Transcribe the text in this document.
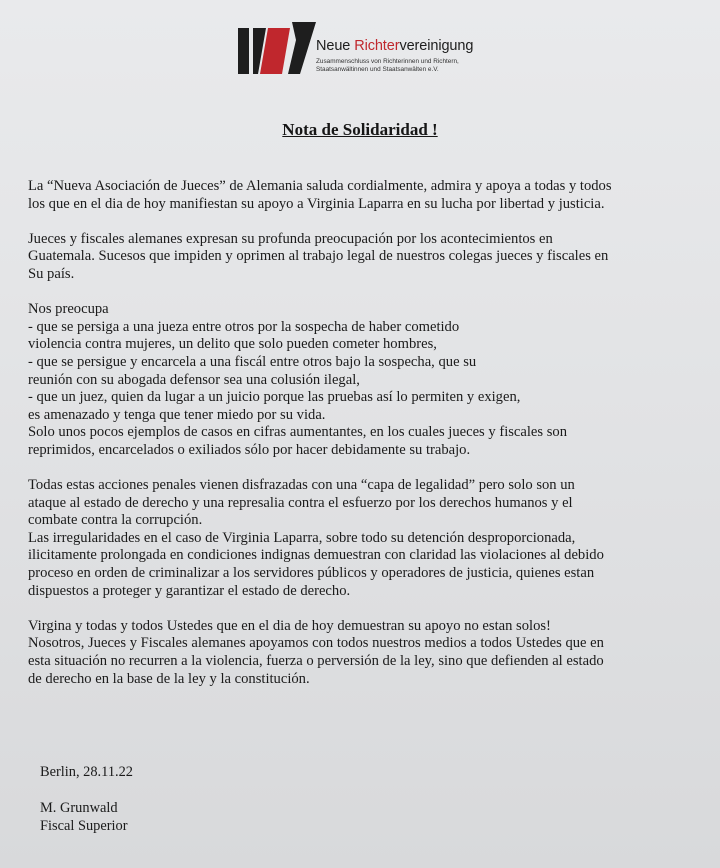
Neue Richtervereinigung
Zusammenschluss von Richterinnen und Richtern,
Staatsanwältinnen und Staatsanwälten e.V.
Nota de Solidaridad !

La “Nueva Asociación de Jueces” de Alemania saluda cordialmente, admira y apoya a todas y todos
los que en el dia de hoy manifiestan su apoyo a Virginia Laparra en su lucha por libertad y justicia.

Jueces y fiscales alemanes expresan su profunda preocupación por los acontecimientos en
Guatemala. Sucesos que impiden y oprimen al trabajo legal de nuestros colegas jueces y fiscales en
Su país.

Nos preocupa
- que se persiga a una jueza entre otros por la sospecha de haber cometido
violencia contra mujeres, un delito que solo pueden cometer hombres,
- que se persigue y encarcela a una fiscál entre otros bajo la sospecha, que su
reunión con su abogada defensor sea una colusión ilegal,
- que un juez, quien da lugar a un juicio porque las pruebas así lo permiten y exigen,
es amenazado y tenga que tener miedo por su vida.
Solo unos pocos ejemplos de casos en cifras aumentantes, en los cuales jueces y fiscales son
reprimidos, encarcelados o exiliados sólo por hacer debidamente su trabajo.

Todas estas acciones penales vienen disfrazadas con una “capa de legalidad” pero solo son un
ataque al estado de derecho y una represalia contra el esfuerzo por los derechos humanos y el
combate contra la corrupción.
Las irregularidades en el caso de Virginia Laparra, sobre todo su detención desproporcionada,
ilicitamente prolongada en condiciones indignas demuestran con claridad las violaciones al debido
proceso en orden de criminalizar a los servidores públicos y operadores de justicia, quienes estan
dispuestos a proteger y garantizar el estado de derecho.

Virgina y todas y todos Ustedes que en el dia de hoy demuestran su apoyo no estan solos!
Nosotros, Jueces y Fiscales alemanes apoyamos con todos nuestros medios a todos Ustedes que en
esta situación no recurren a la violencia, fuerza o perversión de la ley, sino que defienden al estado
de derecho en la base de la ley y la constitución.

Berlin, 28.11.22
M. Grunwald
Fiscal Superior
